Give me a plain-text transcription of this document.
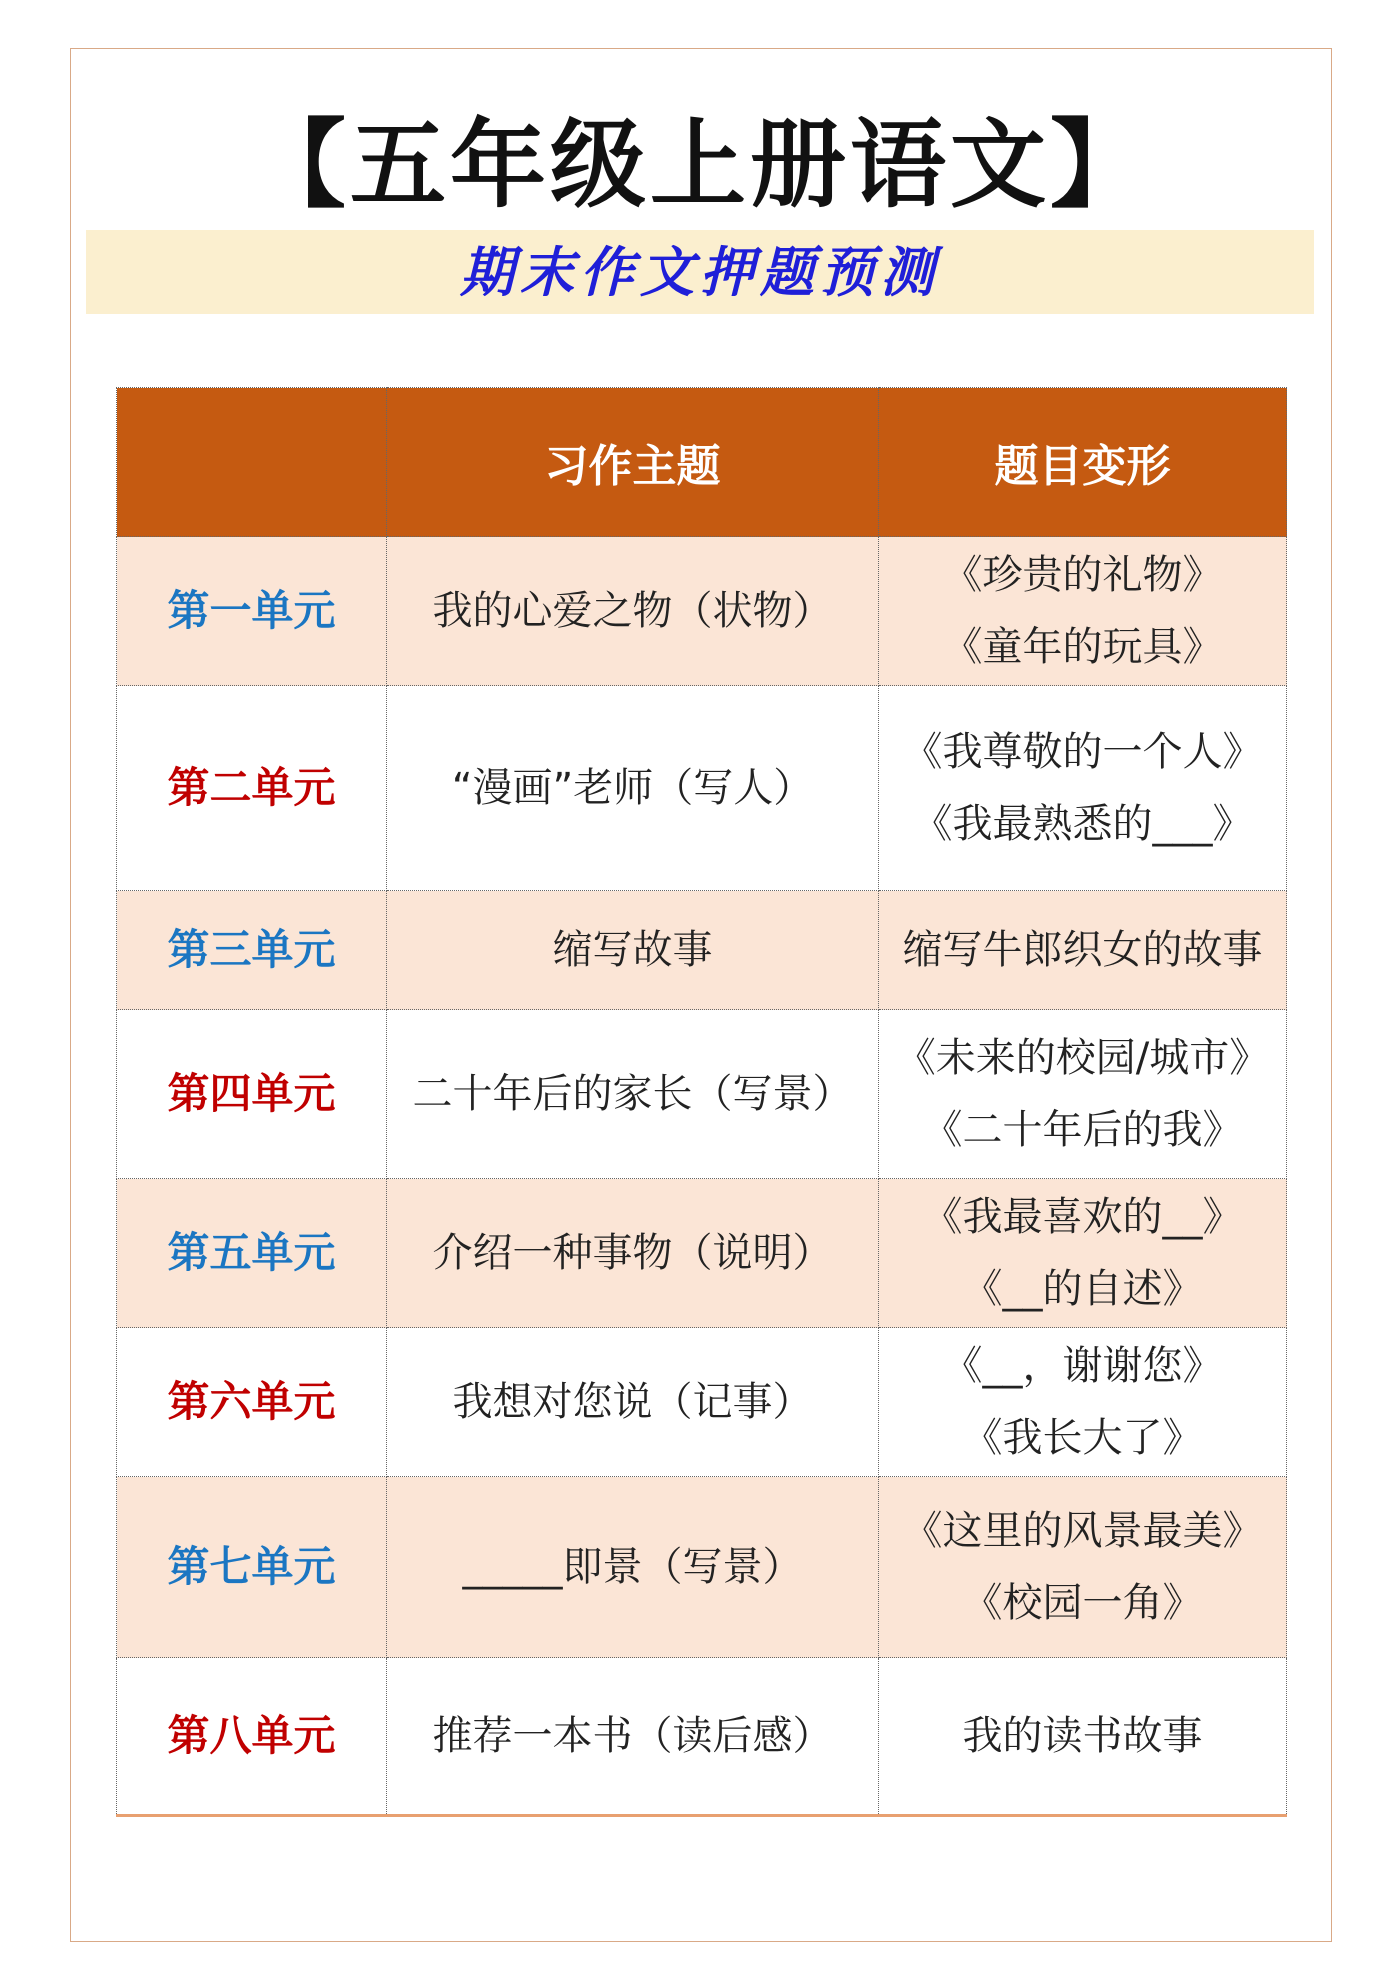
【五年级上册语文】
期末作文押题预测
	习作主题	题目变形
第一单元	我的心爱之物（状物）	《珍贵的礼物》
《童年的玩具》

第二单元	“漫画”老师（写人）	《我尊敬的一个人》
《我最熟悉的___》

第三单元	缩写故事	缩写牛郎织女的故事

第四单元	二十年后的家长（写景）	《未来的校园/城市》
《二十年后的我》

第五单元	介绍一种事物（说明）	《我最喜欢的__》
《__的自述》

第六单元	我想对您说（记事）	《__，谢谢您》
《我长大了》

第七单元	_____即景（写景）	《这里的风景最美》
《校园一角》

第八单元	推荐一本书（读后感）	我的读书故事
